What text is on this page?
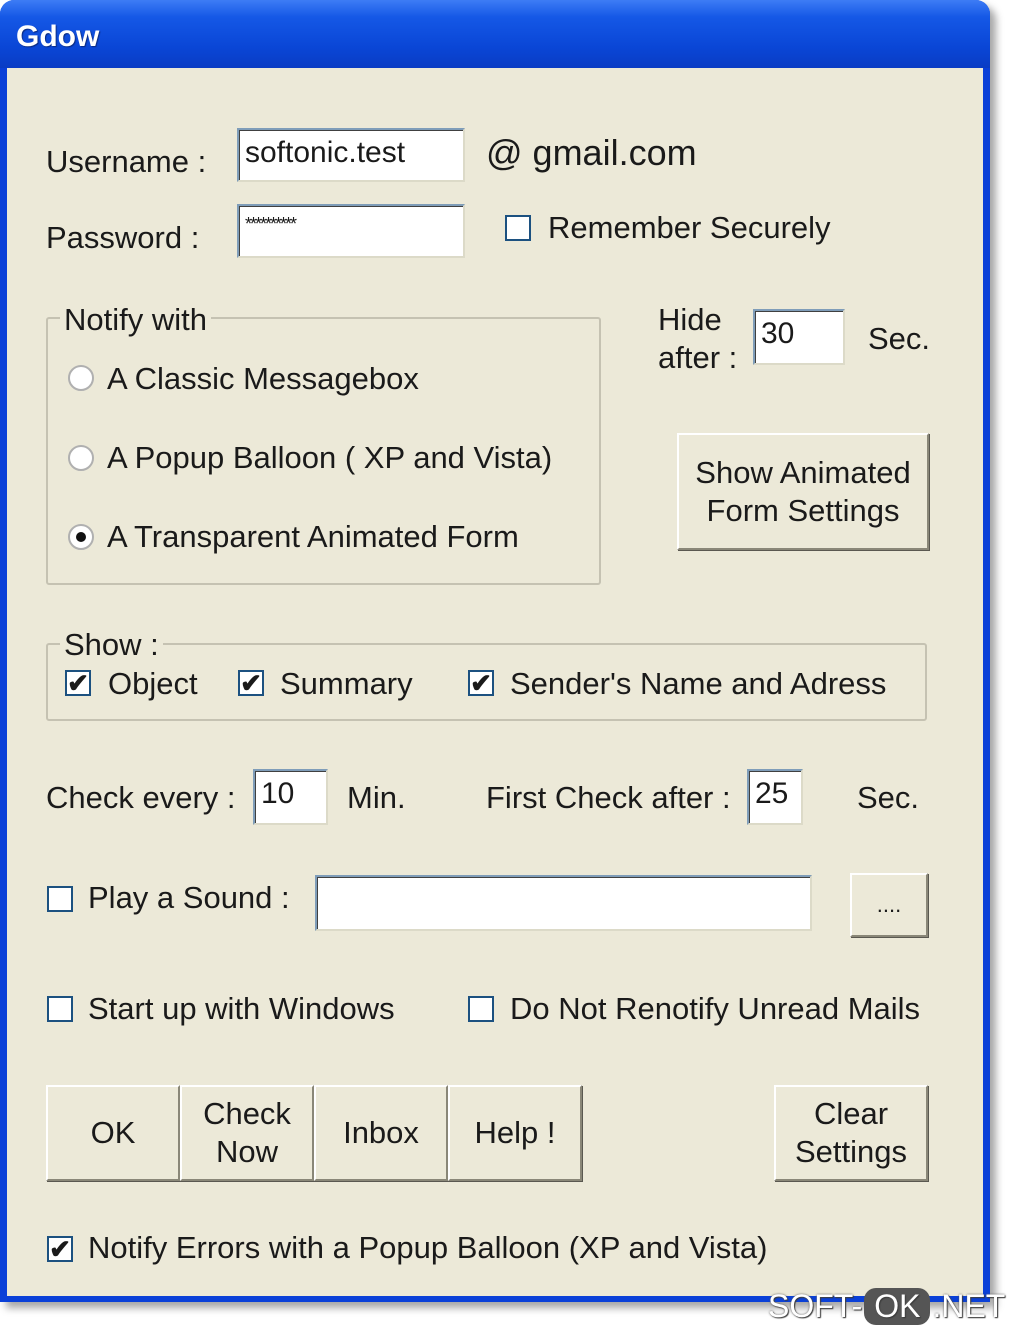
Gdow
Username : softonic.test	@ gmail.com
Password :	**********	Remember Securely
Notify with
A Classic Messagebox
A Popup Balloon ( XP and Vista)
A Transparent Animated Form
Hide
after :
30	Sec.
Show Animated
Form Settings
Show :
✔ Object ✔ Summary ✔ Sender's Name and Adress
Check every : 10	Min.	First Check after : 25	Sec.
Play a Sound :	....
Start up with Windows	Do Not Renotify Unread Mails
OK
Check
Now
Inbox	Help !
Clear
Settings
✔ Notify Errors with a Popup Balloon (XP and Vista)
SOFT- OK .NET
